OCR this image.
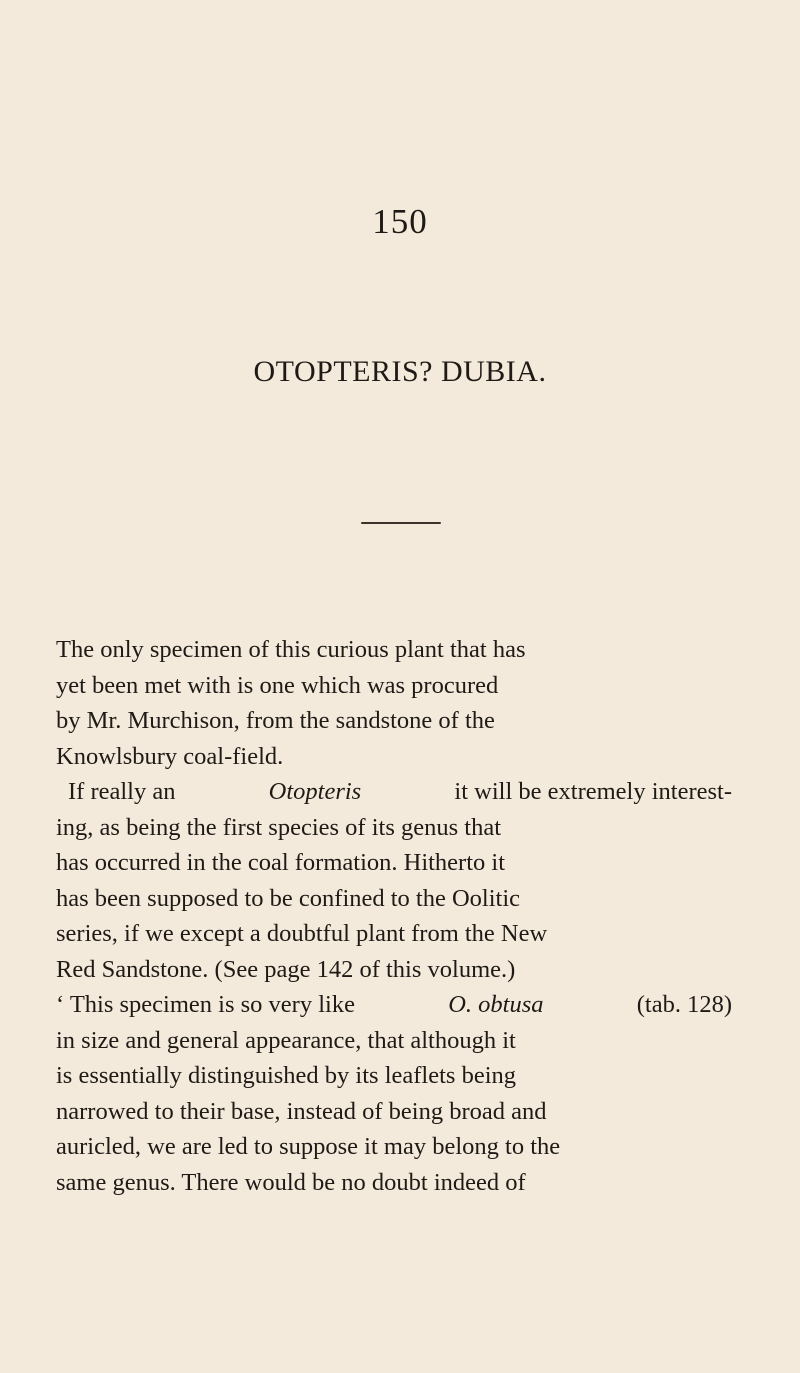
150
OTOPTERIS? DUBIA.
The only specimen of this curious plant that has
yet been met with is one which was procured
by Mr. Murchison, from the sandstone of the
Knowlsbury coal-field.
If really an	Otopteris	it will be extremely interest-
ing, as being the first species of its genus that
has occurred in the coal formation. Hitherto it
has been supposed to be confined to the Oolitic
series, if we except a doubtful plant from the New
Red Sandstone. (See page 142 of this volume.)
‘ This specimen is so very like	O. obtusa	(tab. 128)
in size and general appearance, that although it
is essentially distinguished by its leaflets being
narrowed to their base, instead of being broad and
auricled, we are led to suppose it may belong to the
same genus. There would be no doubt indeed of
